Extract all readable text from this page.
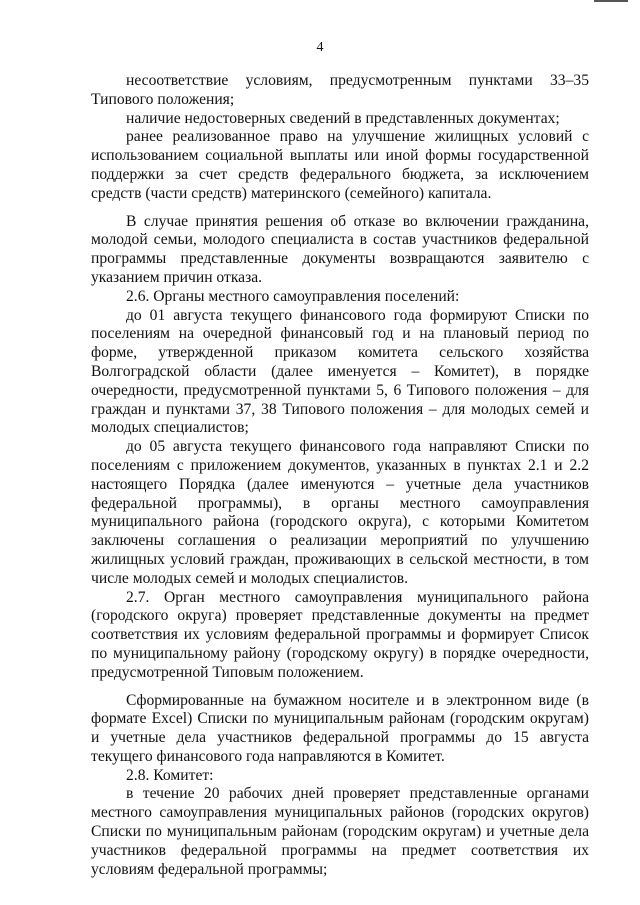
4

несоответствие условиям, предусмотренным пунктами 33–35 Типового положения;

наличие недостоверных сведений в представленных документах;

ранее реализованное право на улучшение жилищных условий с использованием социальной выплаты или иной формы государственной поддержки за счет средств федерального бюджета, за исключением средств (части средств) материнского (семейного) капитала.

В случае принятия решения об отказе во включении гражданина, молодой семьи, молодого специалиста в состав участников федеральной программы представленные документы возвращаются заявителю с указанием причин отказа.

2.6. Органы местного самоуправления поселений:

до 01 августа текущего финансового года формируют Списки по поселениям на очередной финансовый год и на плановый период по форме, утвержденной приказом комитета сельского хозяйства Волгоградской области (далее именуется – Комитет), в порядке очередности, предусмотренной пунктами 5, 6 Типового положения – для граждан и пунктами 37, 38 Типового положения – для молодых семей и молодых специалистов;

до 05 августа текущего финансового года направляют Списки по поселениям с приложением документов, указанных в пунктах 2.1 и 2.2 настоящего Порядка (далее именуются – учетные дела участников федеральной программы), в органы местного самоуправления муниципального района (городского округа), с которыми Комитетом заключены соглашения о реализации мероприятий по улучшению жилищных условий граждан, проживающих в сельской местности, в том числе молодых семей и молодых специалистов.

2.7. Орган местного самоуправления муниципального района (городского округа) проверяет представленные документы на предмет соответствия их условиям федеральной программы и формирует Список по муниципальному району (городскому округу) в порядке очередности, предусмотренной Типовым положением.

Сформированные на бумажном носителе и в электронном виде (в формате Excel) Списки по муниципальным районам (городским округам) и учетные дела участников федеральной программы до 15 августа текущего финансового года направляются в Комитет.

2.8. Комитет:

в течение 20 рабочих дней проверяет представленные органами местного самоуправления муниципальных районов (городских округов) Списки по муниципальным районам (городским округам) и учетные дела участников федеральной программы на предмет соответствия их условиям федеральной программы;
